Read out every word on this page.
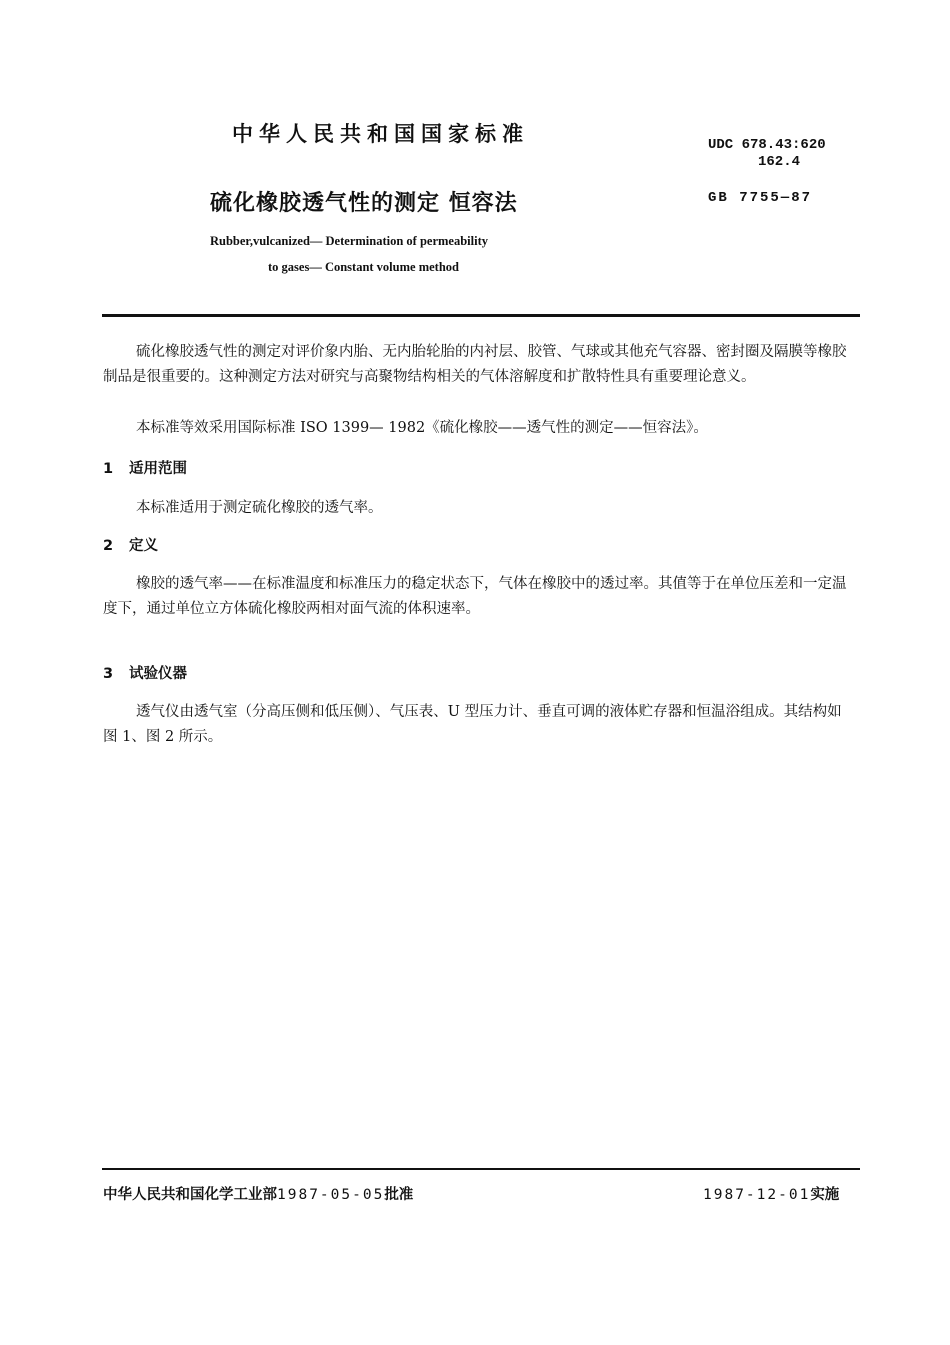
中华人民共和国国家标准	UDC 678.43:620
162.4
硫化橡胶透气性的测定 恒容法	GB 7755—87
Rubber,vulcanized— Determination of permeability
to gases— Constant volume method
硫化橡胶透气性的测定对评价象内胎、无内胎轮胎的内衬层、胶管、气球或其他充气容器、密封圈及隔膜等橡胶制品是很重要的。这种测定方法对研究与高聚物结构相关的气体溶解度和扩散特性具有重要理论意义。
本标准等效采用国际标准 ISO 1399— 1982《硫化橡胶——透气性的测定——恒容法》。
1 适用范围
本标准适用于测定硫化橡胶的透气率。
2 定义
橡胶的透气率——在标准温度和标准压力的稳定状态下，气体在橡胶中的透过率。其值等于在单位压差和一定温度下，通过单位立方体硫化橡胶两相对面气流的体积速率。
3 试验仪器
透气仪由透气室（分高压侧和低压侧）、气压表、U 型压力计、垂直可调的液体贮存器和恒温浴组成。其结构如图 1、图 2 所示。
中华人民共和国化学工业部1987-05-05批准	1987-12-01实施
